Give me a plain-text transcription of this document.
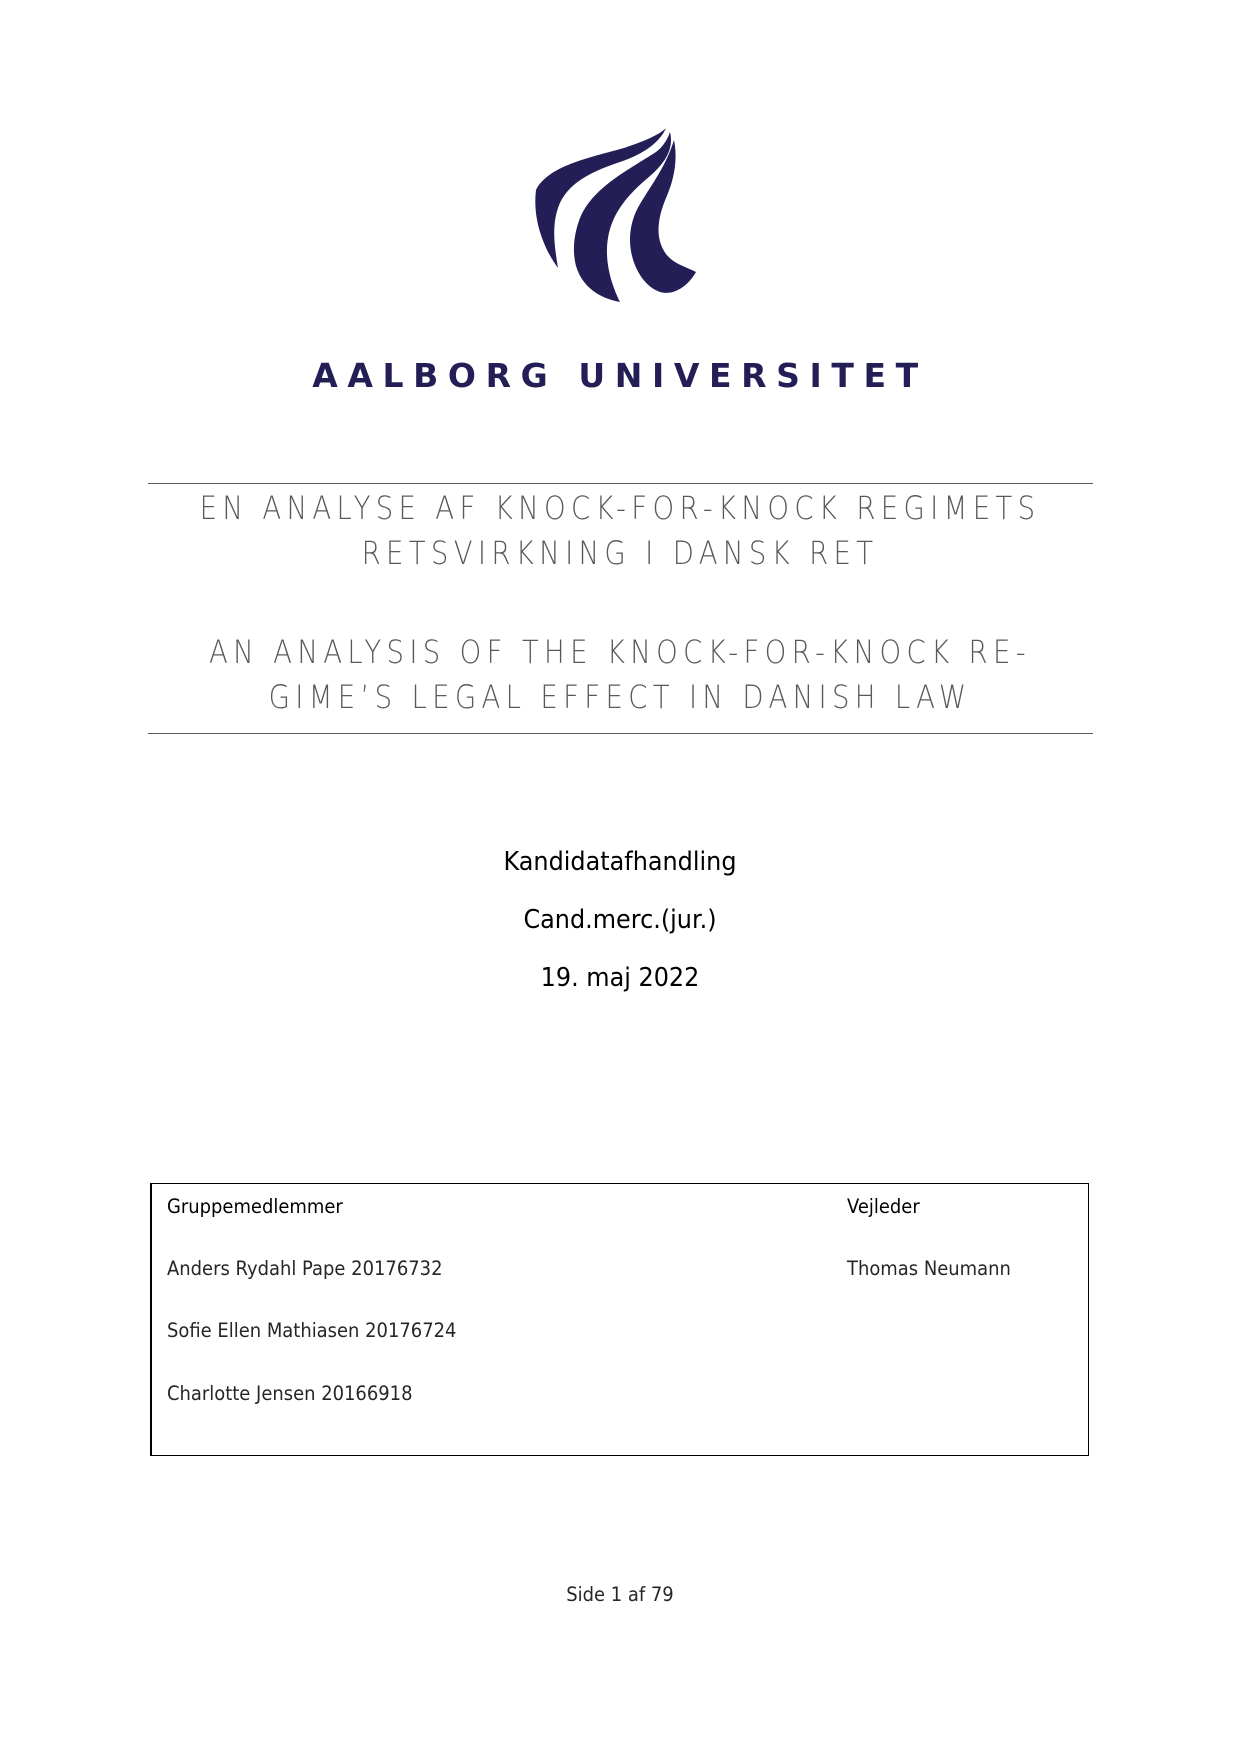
AALBORG UNIVERSITET
EN ANALYSE AF KNOCK-FOR-KNOCK REGIMETS
RETSVIRKNING I DANSK RET
AN ANALYSIS OF THE KNOCK-FOR-KNOCK RE-
GIME’S LEGAL EFFECT IN DANISH LAW
Kandidatafhandling
Cand.merc.(jur.)
19. maj 2022
Gruppemedlemmer	Vejleder
Anders Rydahl Pape 20176732	Thomas Neumann
Sofie Ellen Mathiasen 20176724
Charlotte Jensen 20166918
Side 1 af 79
